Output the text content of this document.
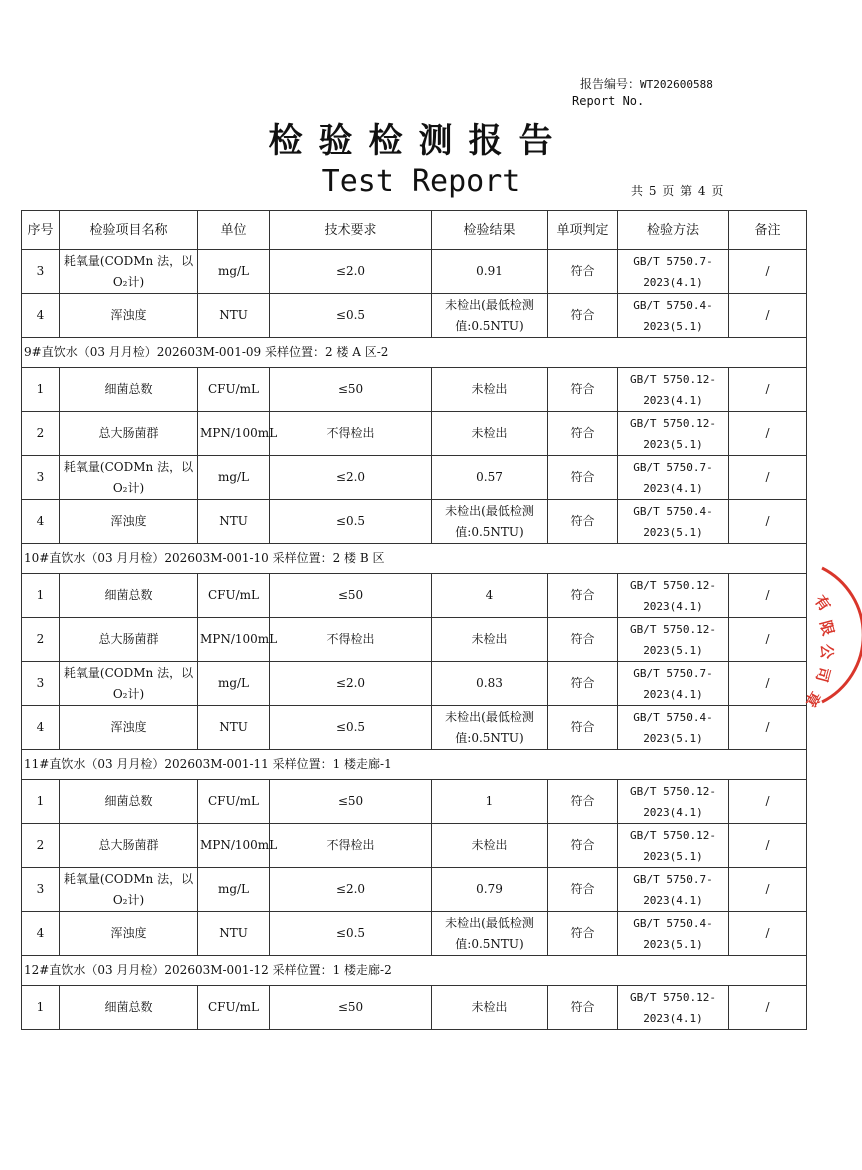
报告编号：WT202600588
Report No.
检验检测报告
Test Report	共 5 页 第 4 页
序号	检验项目名称	单位	技术要求	检验结果	单项判定	检验方法	备注
3	耗氧量(CODMn 法，以 O₂计)	mg/L	≤2.0	0.91	符合	GB/T 5750.7-2023(4.1)	/
4	浑浊度	NTU	≤0.5	未检出(最低检测值:0.5NTU)	符合	GB/T 5750.4-2023(5.1)	/
9#直饮水（03 月月检）202603M-001-09 采样位置：2 楼 A 区-2							
1	细菌总数	CFU/mL	≤50	未检出	符合	GB/T 5750.12-2023(4.1)	/
2	总大肠菌群	MPN/100mL	不得检出	未检出	符合	GB/T 5750.12-2023(5.1)	/
3	耗氧量(CODMn 法，以 O₂计)	mg/L	≤2.0	0.57	符合	GB/T 5750.7-2023(4.1)	/
4	浑浊度	NTU	≤0.5	未检出(最低检测值:0.5NTU)	符合	GB/T 5750.4-2023(5.1)	/
10#直饮水（03 月月检）202603M-001-10 采样位置：2 楼 B 区							
1	细菌总数	CFU/mL	≤50	4	符合	GB/T 5750.12-2023(4.1)	/
2	总大肠菌群	MPN/100mL	不得检出	未检出	符合	GB/T 5750.12-2023(5.1)	/
3	耗氧量(CODMn 法，以 O₂计)	mg/L	≤2.0	0.83	符合	GB/T 5750.7-2023(4.1)	/
4	浑浊度	NTU	≤0.5	未检出(最低检测值:0.5NTU)	符合	GB/T 5750.4-2023(5.1)	/
11#直饮水（03 月月检）202603M-001-11 采样位置：1 楼走廊-1							
1	细菌总数	CFU/mL	≤50	1	符合	GB/T 5750.12-2023(4.1)	/
2	总大肠菌群	MPN/100mL	不得检出	未检出	符合	GB/T 5750.12-2023(5.1)	/
3	耗氧量(CODMn 法，以 O₂计)	mg/L	≤2.0	0.79	符合	GB/T 5750.7-2023(4.1)	/
4	浑浊度	NTU	≤0.5	未检出(最低检测值:0.5NTU)	符合	GB/T 5750.4-2023(5.1)	/
12#直饮水（03 月月检）202603M-001-12 采样位置：1 楼走廊-2							
1	细菌总数	CFU/mL	≤50	未检出	符合	GB/T 5750.12-2023(4.1)	/
有
限
公
司
章
